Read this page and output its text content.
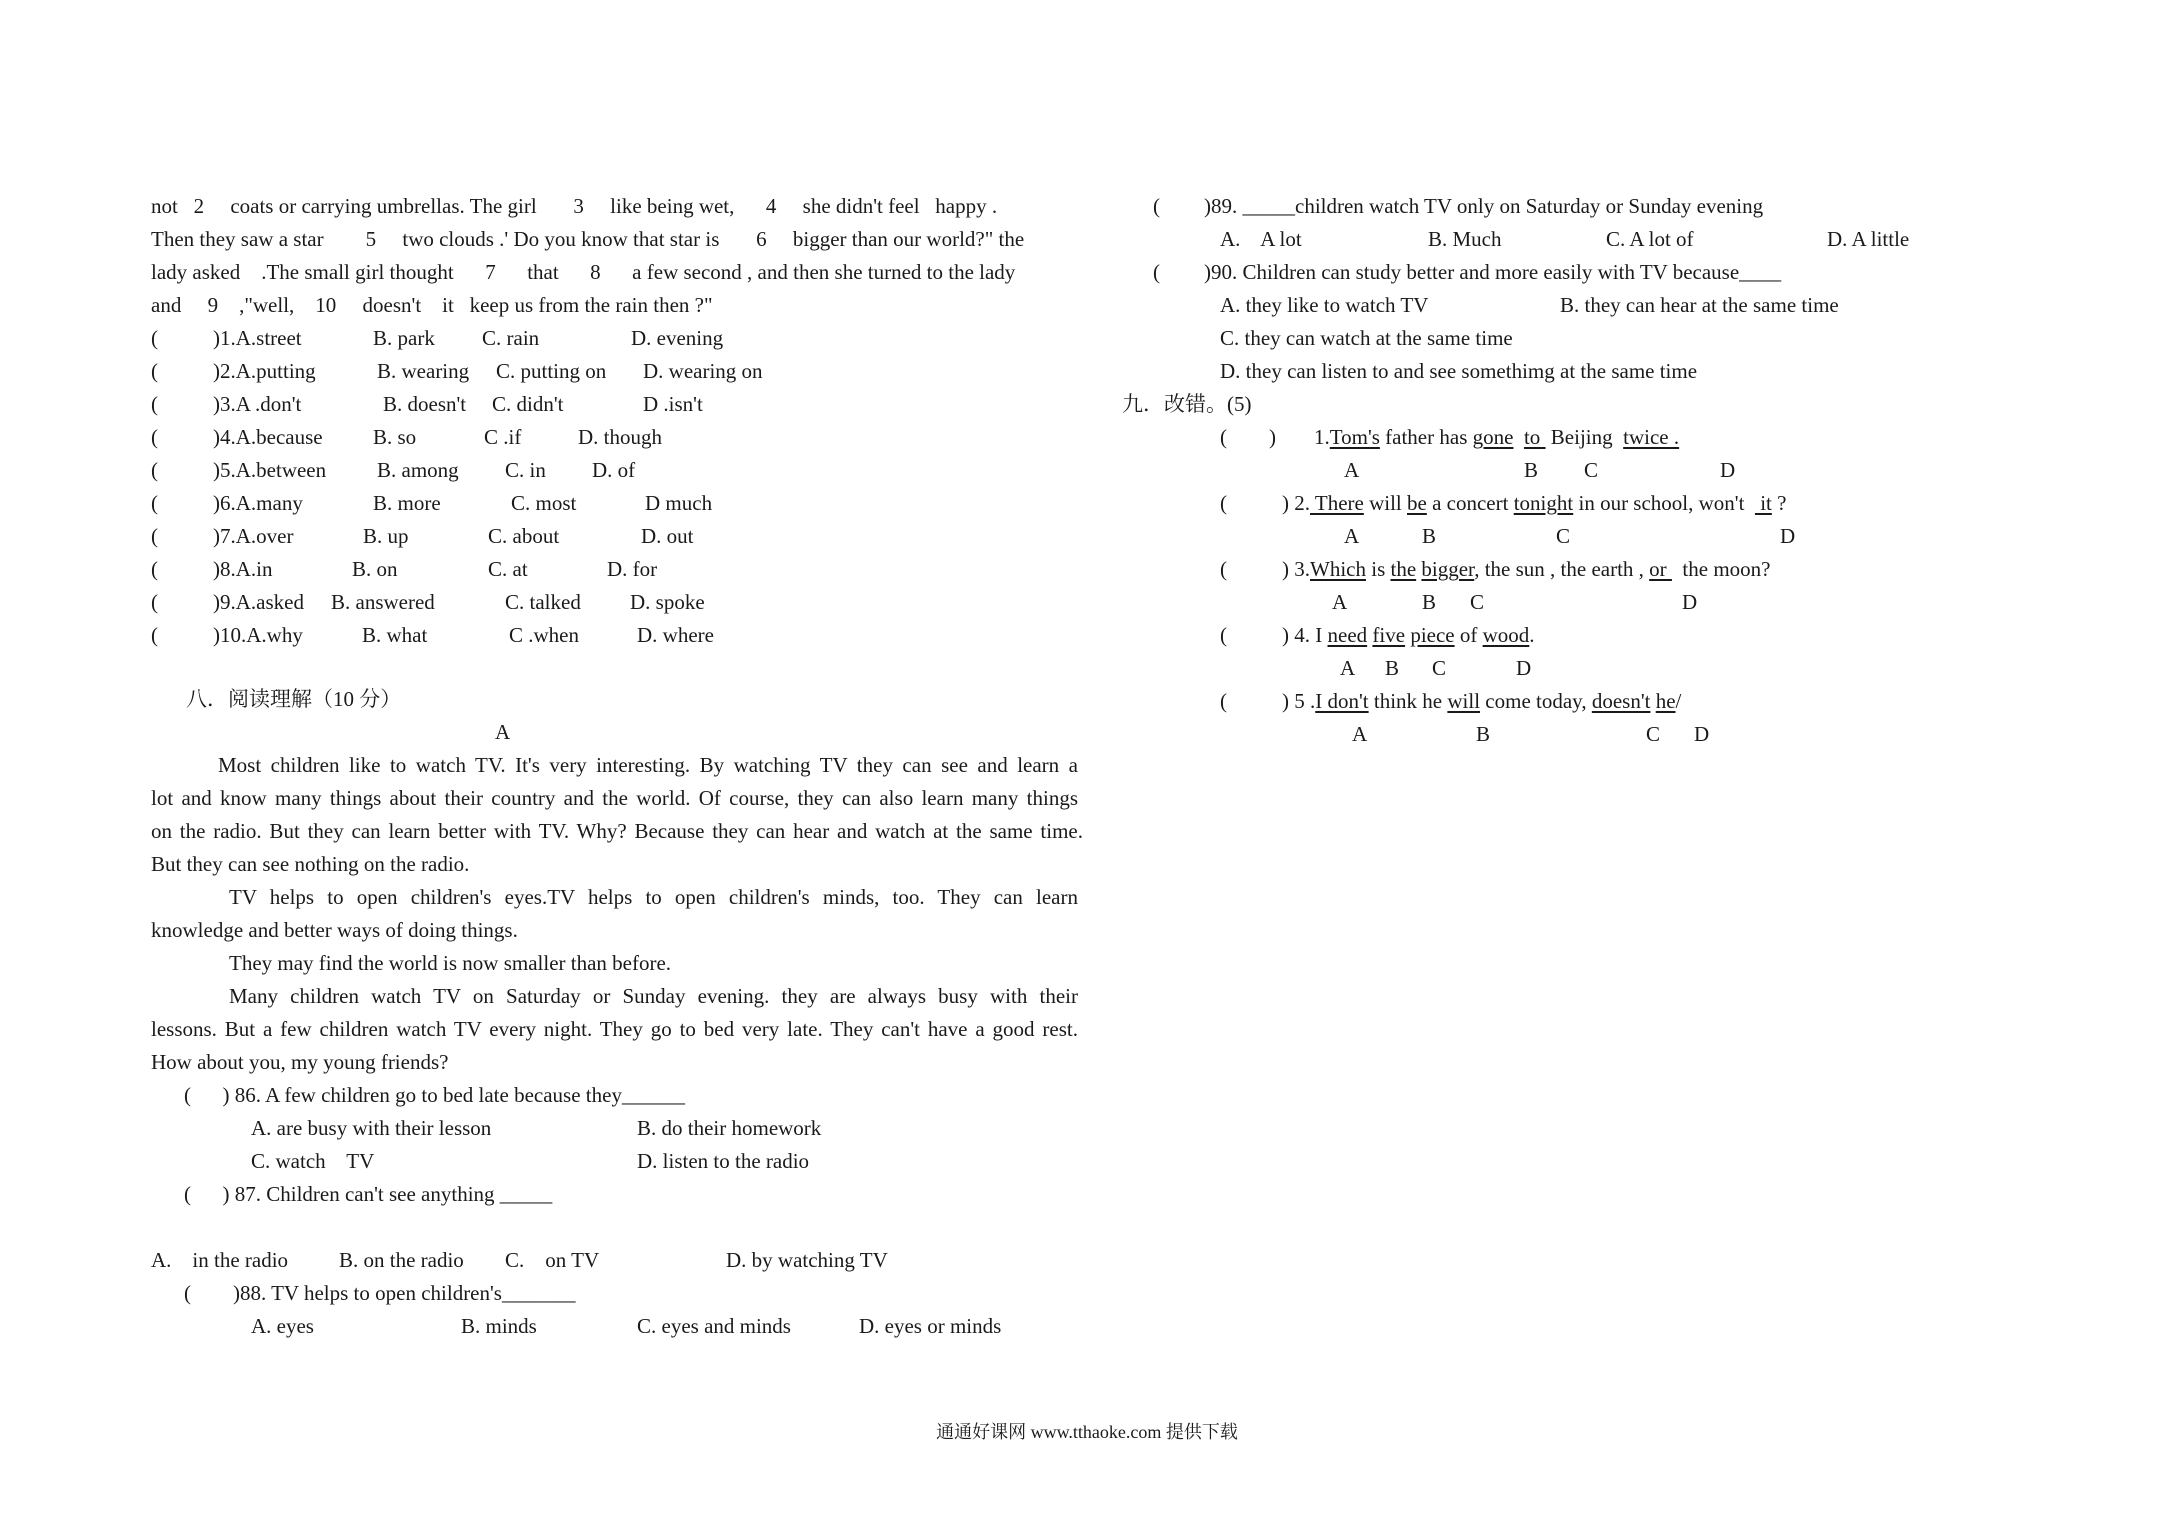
not   2     coats or carrying umbrellas. The girl       3     like being wet,      4     she didn't feel   happy .
Then they saw a star        5     two clouds .' Do you know that star is       6     bigger than our world?" the
lady asked    .The small girl thought      7      that      8      a few second , and then she turned to the lady
and     9    ,"well,    10     doesn't    it   keep us from the rain then ?"
(	)1.A.street	B. park C. rain	D. evening
(	)2.A.putting	B. wearing C. putting on D. wearing on
(	)3.A .don't	B. doesn't C. didn't	D .isn't
(	)4.A.because B. so	C .if	D. though
(	)5.A.between B. among C. in D. of
(	)6.A.many	B. more	C. most	D much
(	)7.A.over	B. up	C. about	D. out
(	)8.A.in	B. on	C. at	D. for
(	)9.A.asked B. answered	C. talked D. spoke
(	)10.A.why	B. what	C .when	D. where
八．阅读理解（10 分）
A
Most children like to watch TV. It's very interesting. By watching TV they can see and learn a
lot and know many things about their country and the world. Of course, they can also learn many things
on the radio. But they can learn better with TV. Why? Because they can hear and watch at the same time.
But they can see nothing on the radio.
TV helps to open children's eyes.TV helps to open children's minds, too. They can learn
knowledge and better ways of doing things.
They may find the world is now smaller than before.
Many children watch TV on Saturday or Sunday evening. they are always busy with their
lessons. But a few children watch TV every night. They go to bed very late. They can't have a good rest.
How about you, my young friends?
(      ) 86. A few children go to bed late because they______
A. are busy with their lesson	B. do their homework
C. watch    TV	D. listen to the radio
(      ) 87. Children can't see anything _____
A.    in the radio B. on the radio C.    on TV	D. by watching TV
(        )88. TV helps to open children's_______
A. eyes	B. minds	C. eyes and minds	D. eyes or minds
( )89. _____children watch TV only on Saturday or Sunday evening
A.    A lot	B. Much	C. A lot of	D. A little
( )90. Children can study better and more easily with TV because____
A. they like to watch TV	B. they can hear at the same time
C. they can watch at the same time
D. they can listen to and see somethimg at the same time
九．改错。(5)
(        ) 1.Tom's father has gone to  Beijing  twice .
A	B C	D
(	) 2. There will be a concert tonight in our school, won't   it ?
A	B	C	D
(	) 3.Which is the bigger, the sun , the earth , or   the moon?
A	B C	D
(	) 4. I need five piece of wood.
A B C	D
(	) 5 .I don't think he will come today, doesn't he/
A	B	C D
通通好课网 www.tthaoke.com 提供下载
